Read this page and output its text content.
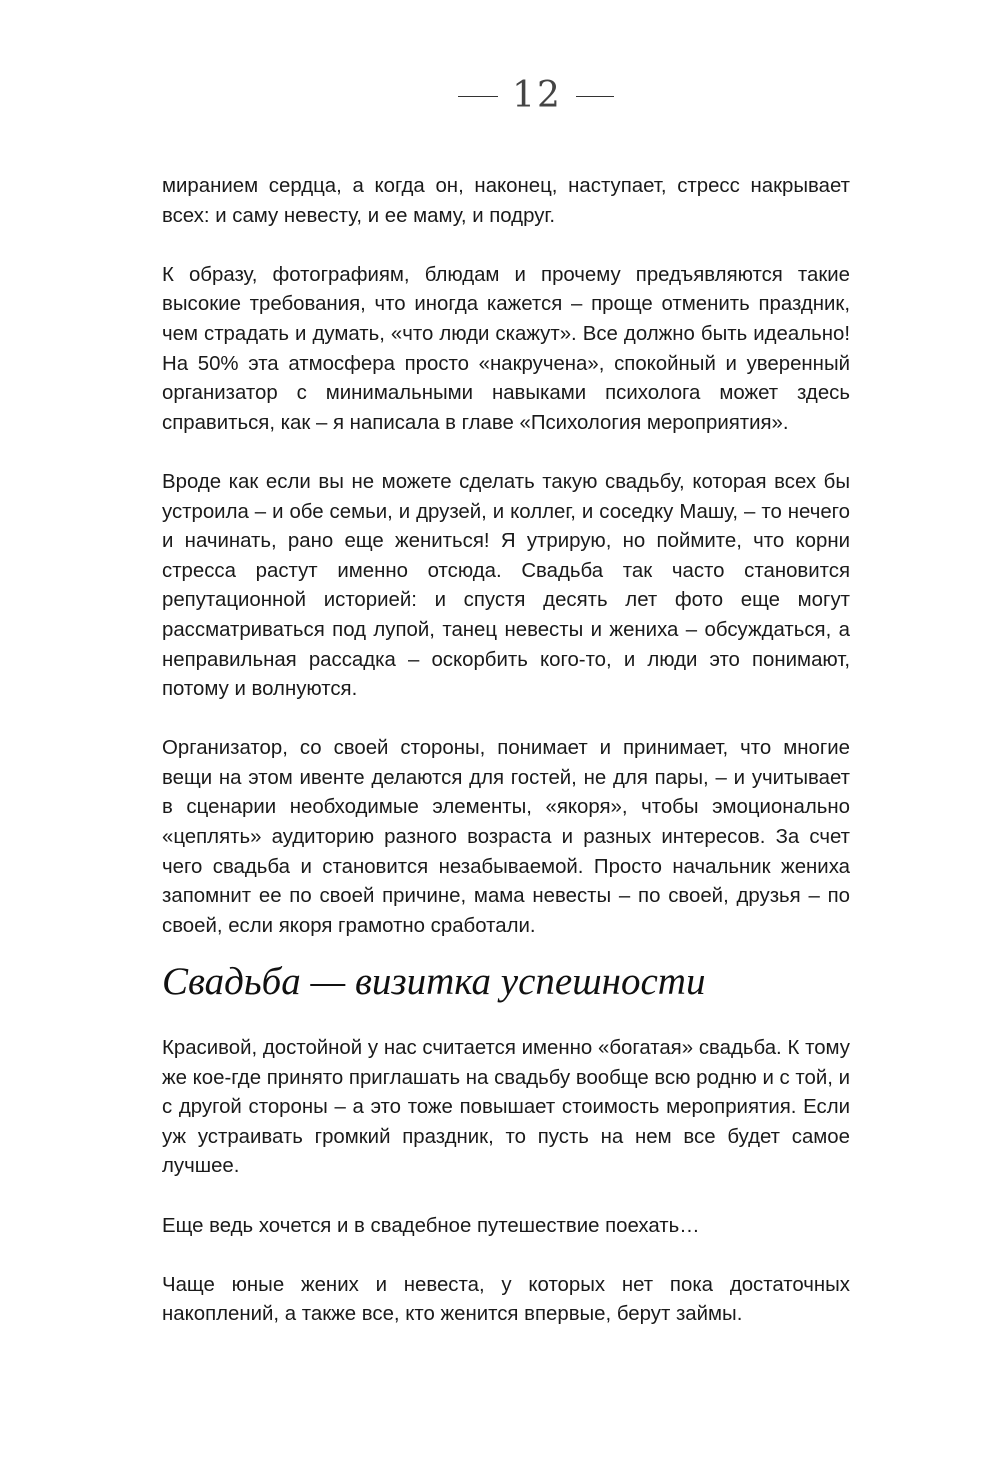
12

миранием сердца, а когда он, наконец, наступает, стресс накрывает всех: и саму невесту, и ее маму, и подруг.

К образу, фотографиям, блюдам и прочему предъявляются такие высокие требования, что иногда кажется – проще отменить праздник, чем страдать и думать, «что люди скажут». Все должно быть идеально! На 50% эта атмосфера просто «накручена», спокойный и уверенный организатор с минимальными навыками психолога может здесь справиться, как – я написала в главе «Психология мероприятия».

Вроде как если вы не можете сделать такую свадьбу, которая всех бы устроила – и обе семьи, и друзей, и коллег, и соседку Машу, – то нечего и начинать, рано еще жениться! Я утрирую, но поймите, что корни стресса растут именно отсюда. Свадьба так часто становится репутационной историей: и спустя десять лет фото еще могут рассматриваться под лупой, танец невесты и жениха – обсуждаться, а неправильная рассадка – оскорбить кого-то, и люди это понимают, потому и волнуются.

Организатор, со своей стороны, понимает и принимает, что многие вещи на этом ивенте делаются для гостей, не для пары, – и учитывает в сценарии необходимые элементы, «якоря», чтобы эмоционально «цеплять» аудиторию разного возраста и разных интересов. За счет чего свадьба и становится незабываемой. Просто начальник жениха запомнит ее по своей причине, мама невесты – по своей, друзья – по своей, если якоря грамотно сработали.

Свадьба — визитка успешности

Красивой, достойной у нас считается именно «богатая» свадьба. К тому же кое-где принято приглашать на свадьбу вообще всю родню и с той, и с другой стороны – а это тоже повышает стоимость мероприятия. Если уж устраивать громкий праздник, то пусть на нем все будет самое лучшее.

Еще ведь хочется и в свадебное путешествие поехать…

Чаще юные жених и невеста, у которых нет пока достаточных накоплений, а также все, кто женится впервые, берут займы.
